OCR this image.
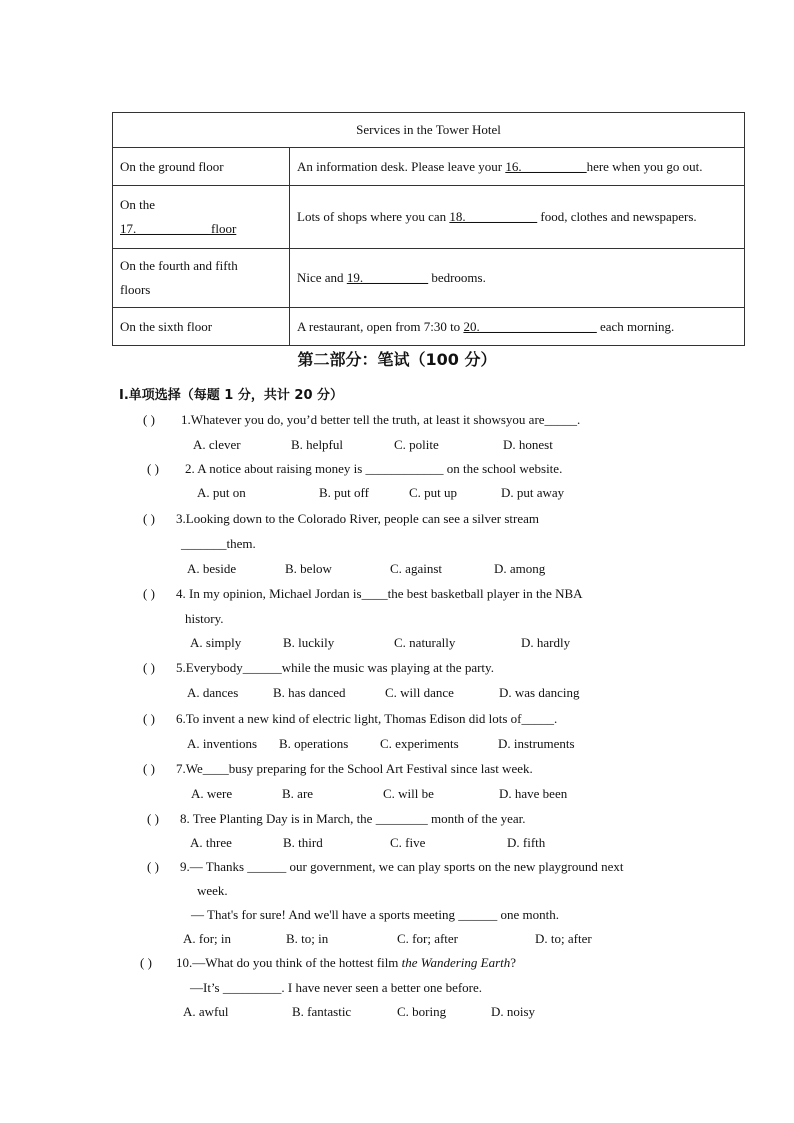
Services in the Tower Hotel	
On the ground floor	An information desk. Please leave your 16.__________here when you go out.

On the
17.___________ floor	Lots of shops where you can 18.___________ food, clothes and newspapers.

On the fourth and fifth
floors	Nice and 19.__________ bedrooms.
On the sixth floor	A restaurant, open from 7:30 to 20.__________________ each morning.
第二部分：笔试（100 分）
I.单项选择（每题 1 分，共计 20 分）
( ) 1.Whatever you do, you’d better tell the truth, at least it showsyou are_____.
A. clever	B. helpful	C. polite	D. honest
( ) 2. A notice about raising money is ____________ on the school website.
A. put on	B. put off	C. put up	D. put away
( ) 3.Looking down to the Colorado River, people can see a silver stream
_______them.
A. beside	B. below	C. against	D. among
( ) 4. In my opinion, Michael Jordan is____the best basketball player in the NBA
history.
A. simply	B. luckily	C. naturally	D. hardly
( ) 5.Everybody______while the music was playing at the party.
A. dances	B. has danced	C. will dance	D. was dancing
( ) 6.To invent a new kind of electric light, Thomas Edison did lots of_____.
A. inventions B. operations C. experiments	D. instruments
( ) 7.We____busy preparing for the School Art Festival since last week.
A. were	B. are	C. will be	D. have been
( ) 8. Tree Planting Day is in March, the ________ month of the year.
A. three	B. third	C. five	D. fifth
( ) 9.— Thanks ______ our government, we can play sports on the new playground next
week.
— That's for sure! And we'll have a sports meeting ______ one month.
A. for; in	B. to; in	C. for; after	D. to; after
( ) 10.—What do you think of the hottest film the Wandering Earth?
—It’s _________. I have never seen a better one before.
A. awful	B. fantastic	C. boring	D. noisy
